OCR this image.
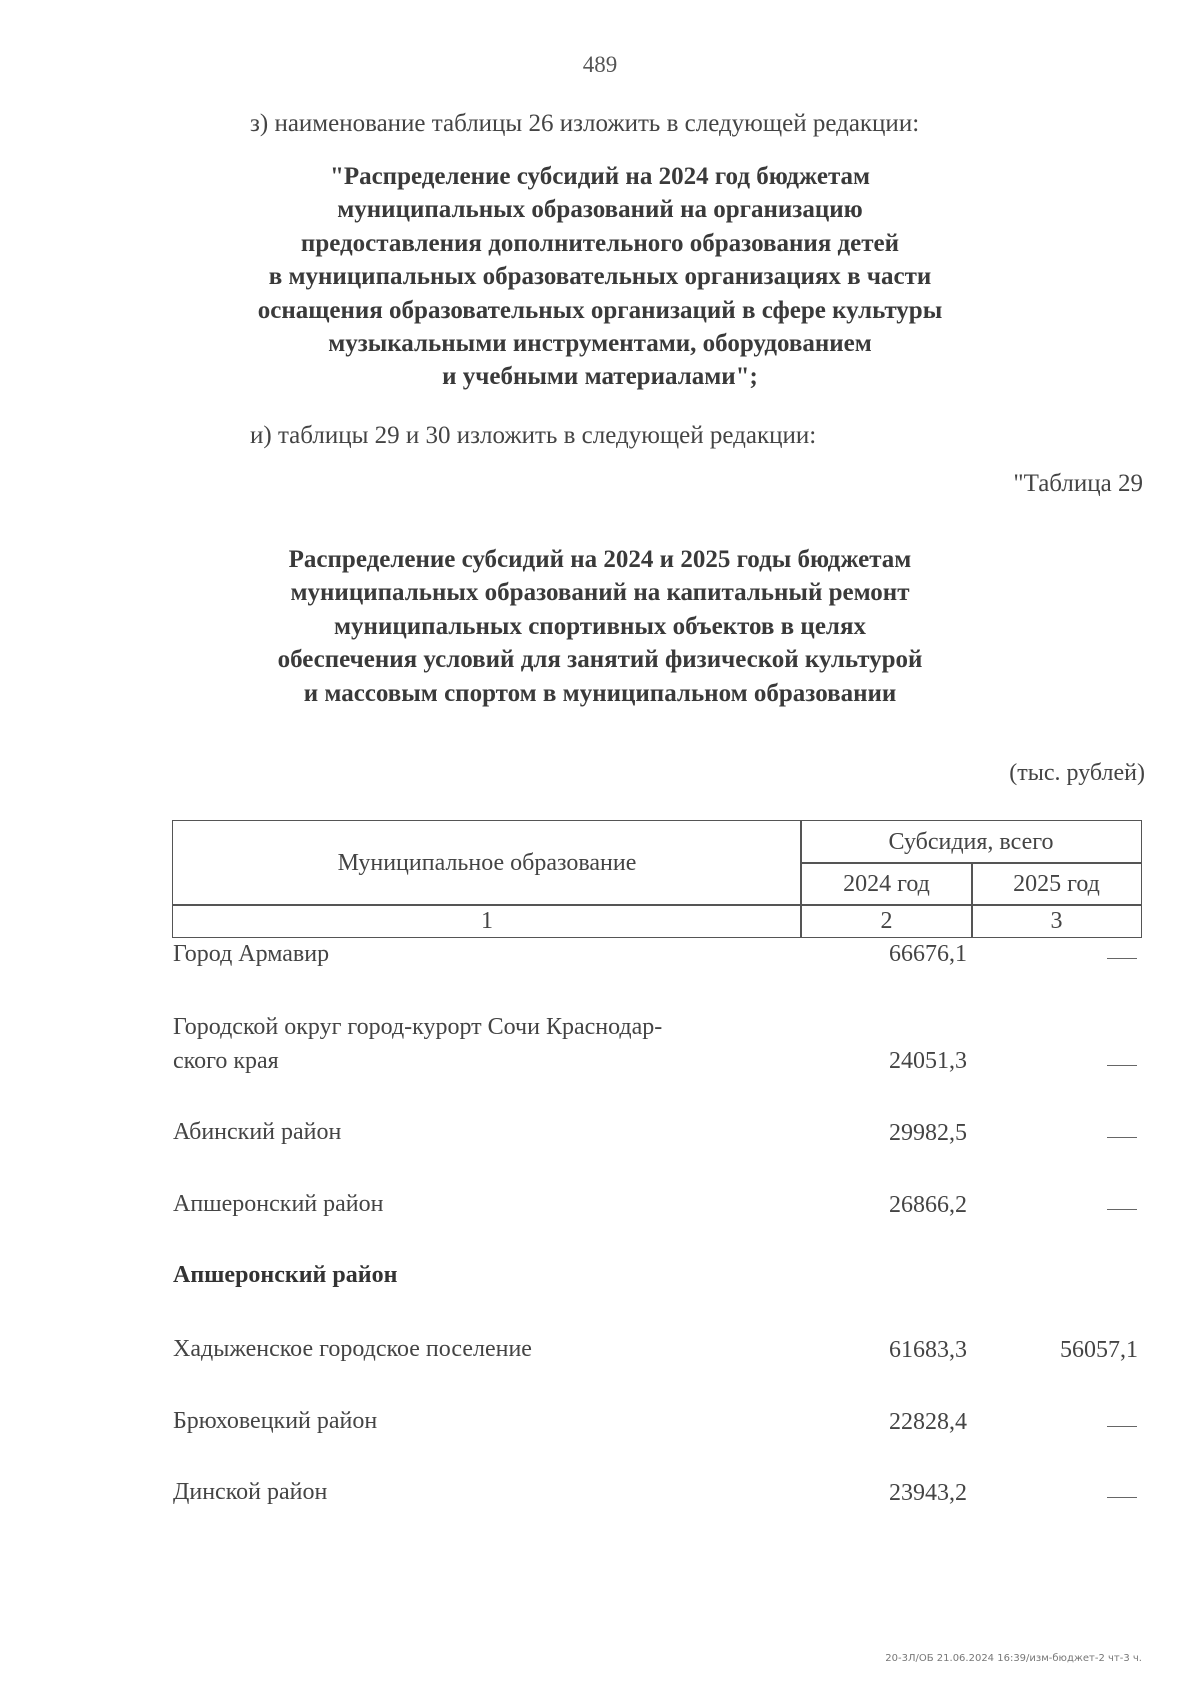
489
з) наименование таблицы 26 изложить в следующей редакции:
"Распределение субсидий на 2024 год бюджетам
муниципальных образований на организацию
предоставления дополнительного образования детей
в муниципальных образовательных организациях в части
оснащения образовательных организаций в сфере культуры
музыкальными инструментами, оборудованием
и учебными материалами";
и) таблицы 29 и 30 изложить в следующей редакции:
"Таблица 29
Распределение субсидий на 2024 и 2025 годы бюджетам
муниципальных образований на капитальный ремонт
муниципальных спортивных объектов в целях
обеспечения условий для занятий физической культурой
и массовым спортом в муниципальном образовании
(тыс. рублей)
Муниципальное образование
Субсидия, всего
2024 год	2025 год
1	2	3
Город Армавир	66676,1
Городской округ город-курорт Сочи Краснодар-
ского края	24051,3
Абинский район	29982,5
Апшеронский район	26866,2
Апшеронский район
Хадыженское городское поселение	61683,3	56057,1
Брюховецкий район	22828,4
Динской район	23943,2
20-3Л/ОБ 21.06.2024 16:39/изм-бюджет-2 чт-3 ч.
